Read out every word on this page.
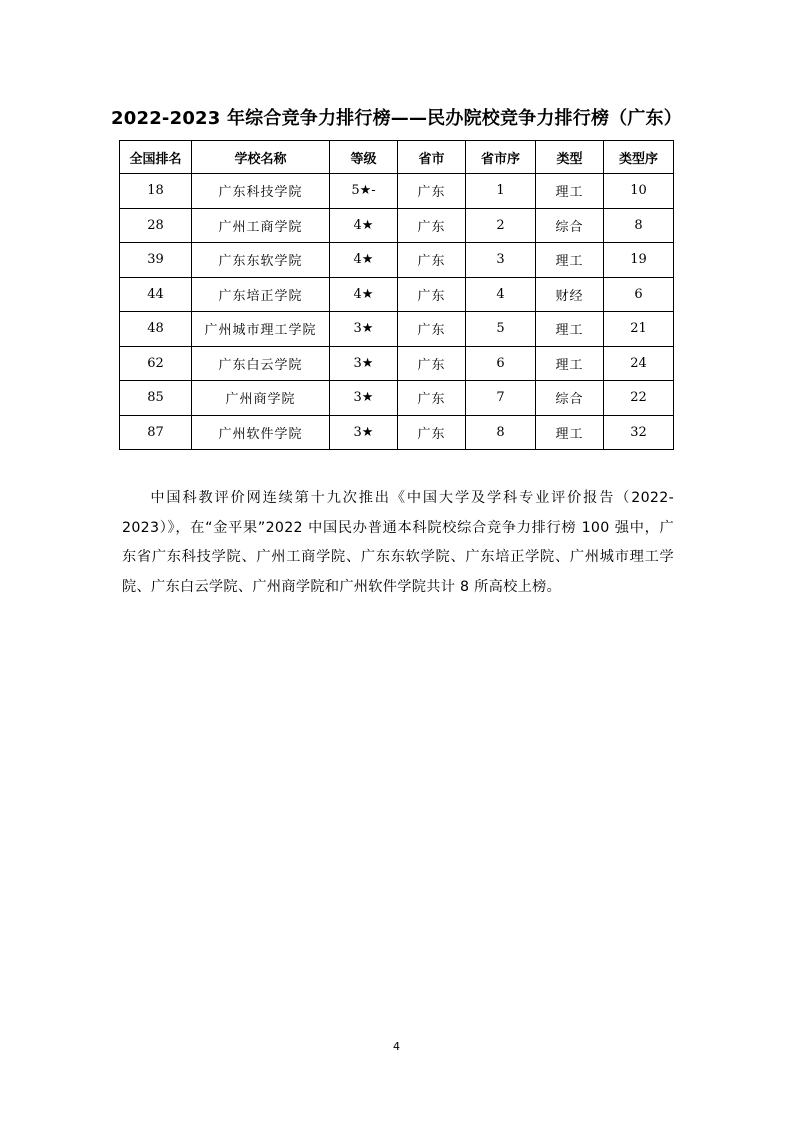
2022-2023 年综合竞争力排行榜——民办院校竞争力排行榜（广东）
全国排名	学校名称	等级	省市	省市序	类型	类型序
18	广东科技学院	5★-	广东	1	理工	10
28	广州工商学院	4★	广东	2	综合	8
39	广东东软学院	4★	广东	3	理工	19
44	广东培正学院	4★	广东	4	财经	6
48	广州城市理工学院	3★	广东	5	理工	21
62	广东白云学院	3★	广东	6	理工	24
85	广州商学院	3★	广东	7	综合	22
87	广州软件学院	3★	广东	8	理工	32
中国科教评价网连续第十九次推出《中国大学及学科专业评价报告（2022-2023）》，在“金平果”2022 中国民办普通本科院校综合竞争力排行榜 100 强中，广东省广东科技学院、广州工商学院、广东东软学院、广东培正学院、广州城市理工学院、广东白云学院、广州商学院和广州软件学院共计 8 所高校上榜。
4
